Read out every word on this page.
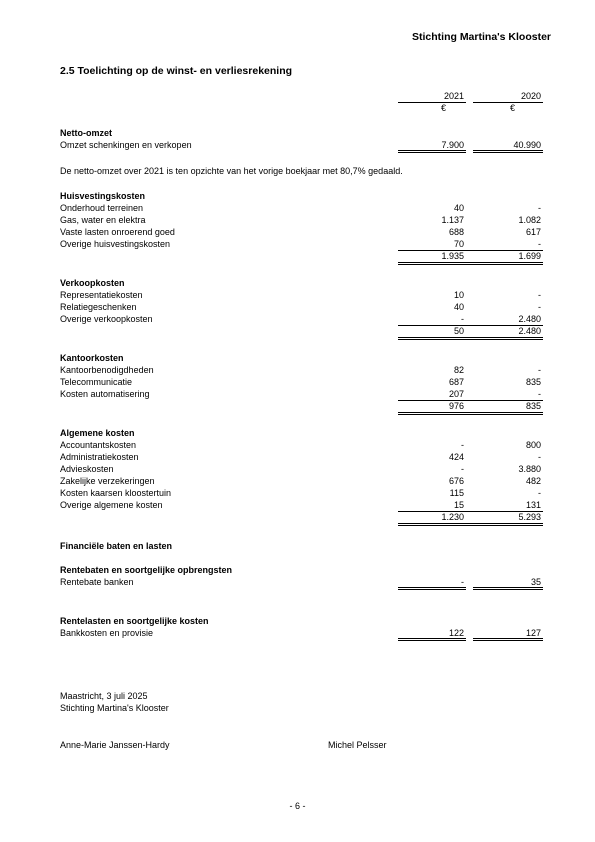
Stichting Martina's Klooster
2.5 Toelichting op de winst- en verliesrekening
2021	2020
€	€
Netto-omzet
Omzet schenkingen en verkopen	7.900	40.990
De netto-omzet over 2021 is ten opzichte van het vorige boekjaar met 80,7% gedaald.
Huisvestingskosten
Onderhoud terreinen	40	-
Gas, water en elektra	1.137	1.082
Vaste lasten onroerend goed	688	617
Overige huisvestingskosten	70	-
1.935	1.699
Verkoopkosten
Representatiekosten	10	-
Relatiegeschenken	40	-
Overige verkoopkosten	-	2.480
50	2.480
Kantoorkosten
Kantoorbenodigdheden	82	-
Telecommunicatie	687	835
Kosten automatisering	207	-
976	835
Algemene kosten
Accountantskosten	-	800
Administratiekosten	424	-
Advieskosten	-	3.880
Zakelijke verzekeringen	676	482
Kosten kaarsen kloostertuin	115	-
Overige algemene kosten	15	131
1.230	5.293
Financiële baten en lasten
Rentebaten en soortgelijke opbrengsten
Rentebate banken	-	35
Rentelasten en soortgelijke kosten
Bankkosten en provisie	122	127
Maastricht, 3 juli 2025
Stichting Martina's Klooster
Anne-Marie Janssen-Hardy	Michel Pelsser
- 6 -
